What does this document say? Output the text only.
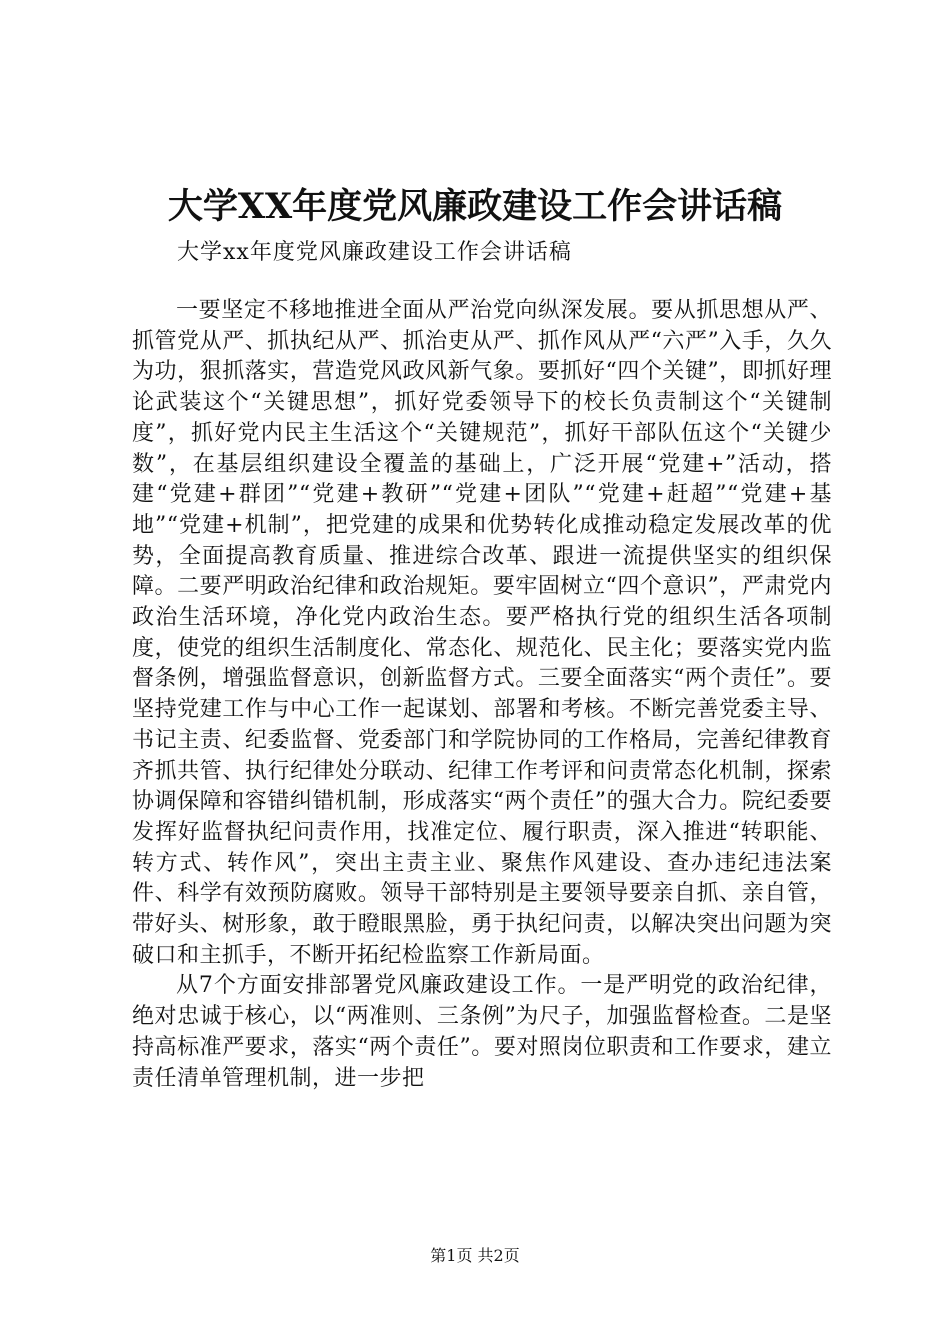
大学XX年度党风廉政建设工作会讲话稿
大学xx年度党风廉政建设工作会讲话稿

一要坚定不移地推进全面从严治党向纵深发展。要从抓思想从严、抓管党从严、抓执纪从严、抓治吏从严、抓作风从严“六严”入手，久久为功，狠抓落实，营造党风政风新气象。要抓好“四个关键”，即抓好理论武装这个“关键思想”，抓好党委领导下的校长负责制这个“关键制度”，抓好党内民主生活这个“关键规范”，抓好干部队伍这个“关键少数”，在基层组织建设全覆盖的基础上，广泛开展“党建+”活动，搭建“党建+群团”“党建+教研”“党建+团队”“党建+赶超”“党建+基地”“党建+机制”，把党建的成果和优势转化成推动稳定发展改革的优势，全面提高教育质量、推进综合改革、跟进一流提供坚实的组织保障。二要严明政治纪律和政治规矩。要牢固树立“四个意识”，严肃党内政治生活环境，净化党内政治生态。要严格执行党的组织生活各项制度，使党的组织生活制度化、常态化、规范化、民主化；要落实党内监督条例，增强监督意识，创新监督方式。三要全面落实“两个责任”。要坚持党建工作与中心工作一起谋划、部署和考核。不断完善党委主导、书记主责、纪委监督、党委部门和学院协同的工作格局，完善纪律教育齐抓共管、执行纪律处分联动、纪律工作考评和问责常态化机制，探索协调保障和容错纠错机制，形成落实“两个责任”的强大合力。院纪委要发挥好监督执纪问责作用，找准定位、履行职责，深入推进“转职能、转方式、转作风”，突出主责主业、聚焦作风建设、查办违纪违法案件、科学有效预防腐败。领导干部特别是主要领导要亲自抓、亲自管，带好头、树形象，敢于瞪眼黑脸，勇于执纪问责，以解决突出问题为突破口和主抓手，不断开拓纪检监察工作新局面。

从7个方面安排部署党风廉政建设工作。一是严明党的政治纪律，绝对忠诚于核心，以“两准则、三条例”为尺子，加强监督检查。二是坚持高标准严要求，落实“两个责任”。要对照岗位职责和工作要求，建立责任清单管理机制，进一步把

第1页 共2页
